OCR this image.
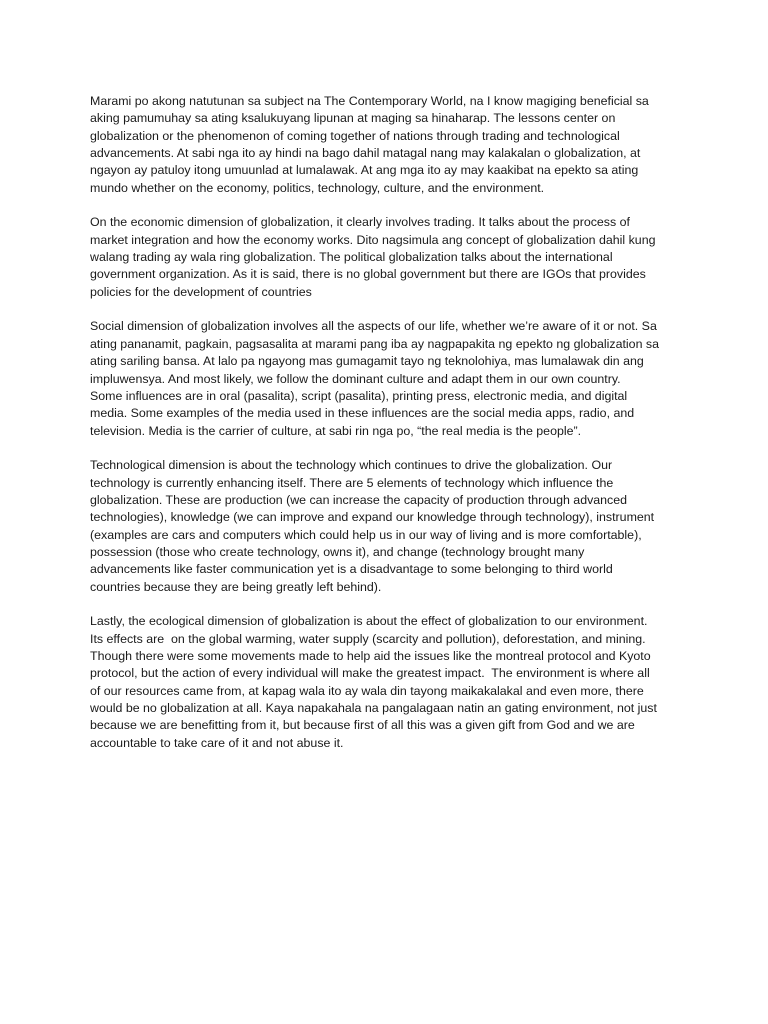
Marami po akong natutunan sa subject na The Contemporary World, na I know magiging beneficial sa
aking pamumuhay sa ating ksalukuyang lipunan at maging sa hinaharap. The lessons center on
globalization or the phenomenon of coming together of nations through trading and technological
advancements. At sabi nga ito ay hindi na bago dahil matagal nang may kalakalan o globalization, at
ngayon ay patuloy itong umuunlad at lumalawak. At ang mga ito ay may kaakibat na epekto sa ating
mundo whether on the economy, politics, technology, culture, and the environment.

On the economic dimension of globalization, it clearly involves trading. It talks about the process of
market integration and how the economy works. Dito nagsimula ang concept of globalization dahil kung
walang trading ay wala ring globalization. The political globalization talks about the international
government organization. As it is said, there is no global government but there are IGOs that provides
policies for the development of countries

Social dimension of globalization involves all the aspects of our life, whether we’re aware of it or not. Sa
ating pananamit, pagkain, pagsasalita at marami pang iba ay nagpapakita ng epekto ng globalization sa
ating sariling bansa. At lalo pa ngayong mas gumagamit tayo ng teknolohiya, mas lumalawak din ang
impluwensya. And most likely, we follow the dominant culture and adapt them in our own country.
Some influences are in oral (pasalita), script (pasalita), printing press, electronic media, and digital
media. Some examples of the media used in these influences are the social media apps, radio, and
television. Media is the carrier of culture, at sabi rin nga po, “the real media is the people”.

Technological dimension is about the technology which continues to drive the globalization. Our
technology is currently enhancing itself. There are 5 elements of technology which influence the
globalization. These are production (we can increase the capacity of production through advanced
technologies), knowledge (we can improve and expand our knowledge through technology), instrument
(examples are cars and computers which could help us in our way of living and is more comfortable),
possession (those who create technology, owns it), and change (technology brought many
advancements like faster communication yet is a disadvantage to some belonging to third world
countries because they are being greatly left behind).

Lastly, the ecological dimension of globalization is about the effect of globalization to our environment.
Its effects are  on the global warming, water supply (scarcity and pollution), deforestation, and mining.
Though there were some movements made to help aid the issues like the montreal protocol and Kyoto
protocol, but the action of every individual will make the greatest impact.  The environment is where all
of our resources came from, at kapag wala ito ay wala din tayong maikakalakal and even more, there
would be no globalization at all. Kaya napakahala na pangalagaan natin an gating environment, not just
because we are benefitting from it, but because first of all this was a given gift from God and we are
accountable to take care of it and not abuse it.
